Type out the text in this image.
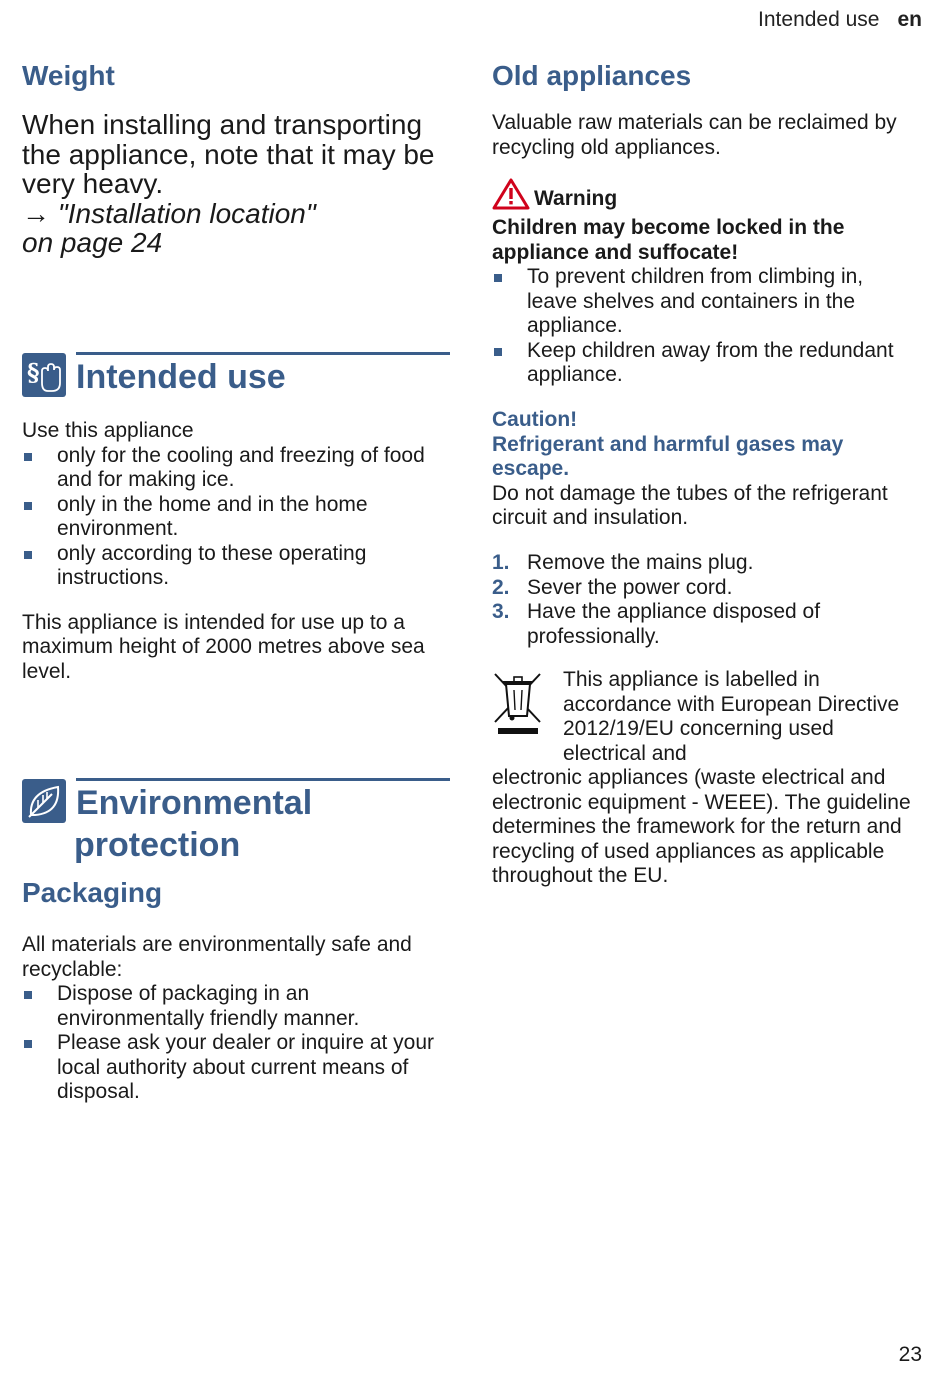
Intended use en
Weight
When installing and transporting the appliance, note that it may be very heavy.
→ "Installation location"
on page 24
§ Intended use
Use this appliance
only for the cooling and freezing of food and for making ice.
only in the home and in the home environment.
only according to these operating instructions.
This appliance is intended for use up to a maximum height of 2000 metres above sea level.
Environmental
protection
Packaging
All materials are environmentally safe and recyclable:
Dispose of packaging in an environmentally friendly manner.
Please ask your dealer or inquire at your local authority about current means of disposal.
Old appliances
Valuable raw materials can be reclaimed by recycling old appliances.
Warning
Children may become locked in the appliance and suffocate!
To prevent children from climbing in, leave shelves and containers in the appliance.
Keep children away from the redundant appliance.
Caution!
Refrigerant and harmful gases may escape.
Do not damage the tubes of the refrigerant circuit and insulation.
1. Remove the mains plug.
2. Sever the power cord.
3. Have the appliance disposed of professionally.
This appliance is labelled in accordance with European Directive 2012/19/EU concerning used electrical and
electronic appliances (waste electrical and electronic equipment - WEEE). The guideline determines the framework for the return and recycling of used appliances as applicable throughout the EU.
23
